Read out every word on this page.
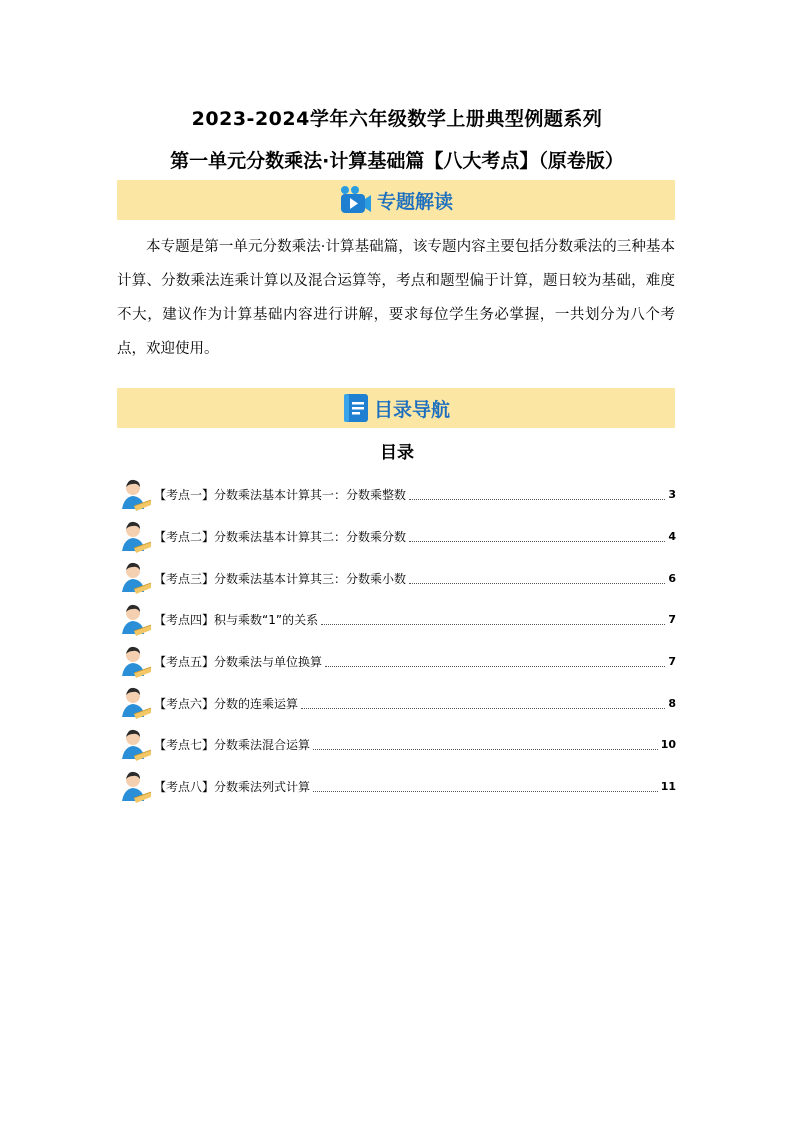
2023-2024学年六年级数学上册典型例题系列
第一单元分数乘法·计算基础篇【八大考点】（原卷版）
专题解读

本专题是第一单元分数乘法·计算基础篇，该专题内容主要包括分数乘法的三种基本计算、分数乘法连乘计算以及混合运算等，考点和题型偏于计算，题日较为基础，难度不大，建议作为计算基础内容进行讲解，要求每位学生务必掌握，一共划分为八个考点，欢迎使用。

目录导航
目录
【考点一】分数乘法基本计算其一：分数乘整数	3
【考点二】分数乘法基本计算其二：分数乘分数	4
【考点三】分数乘法基本计算其三：分数乘小数	6
【考点四】积与乘数“1”的关系	7
【考点五】分数乘法与单位换算	7
【考点六】分数的连乘运算	8
【考点七】分数乘法混合运算	10
【考点八】分数乘法列式计算	11
